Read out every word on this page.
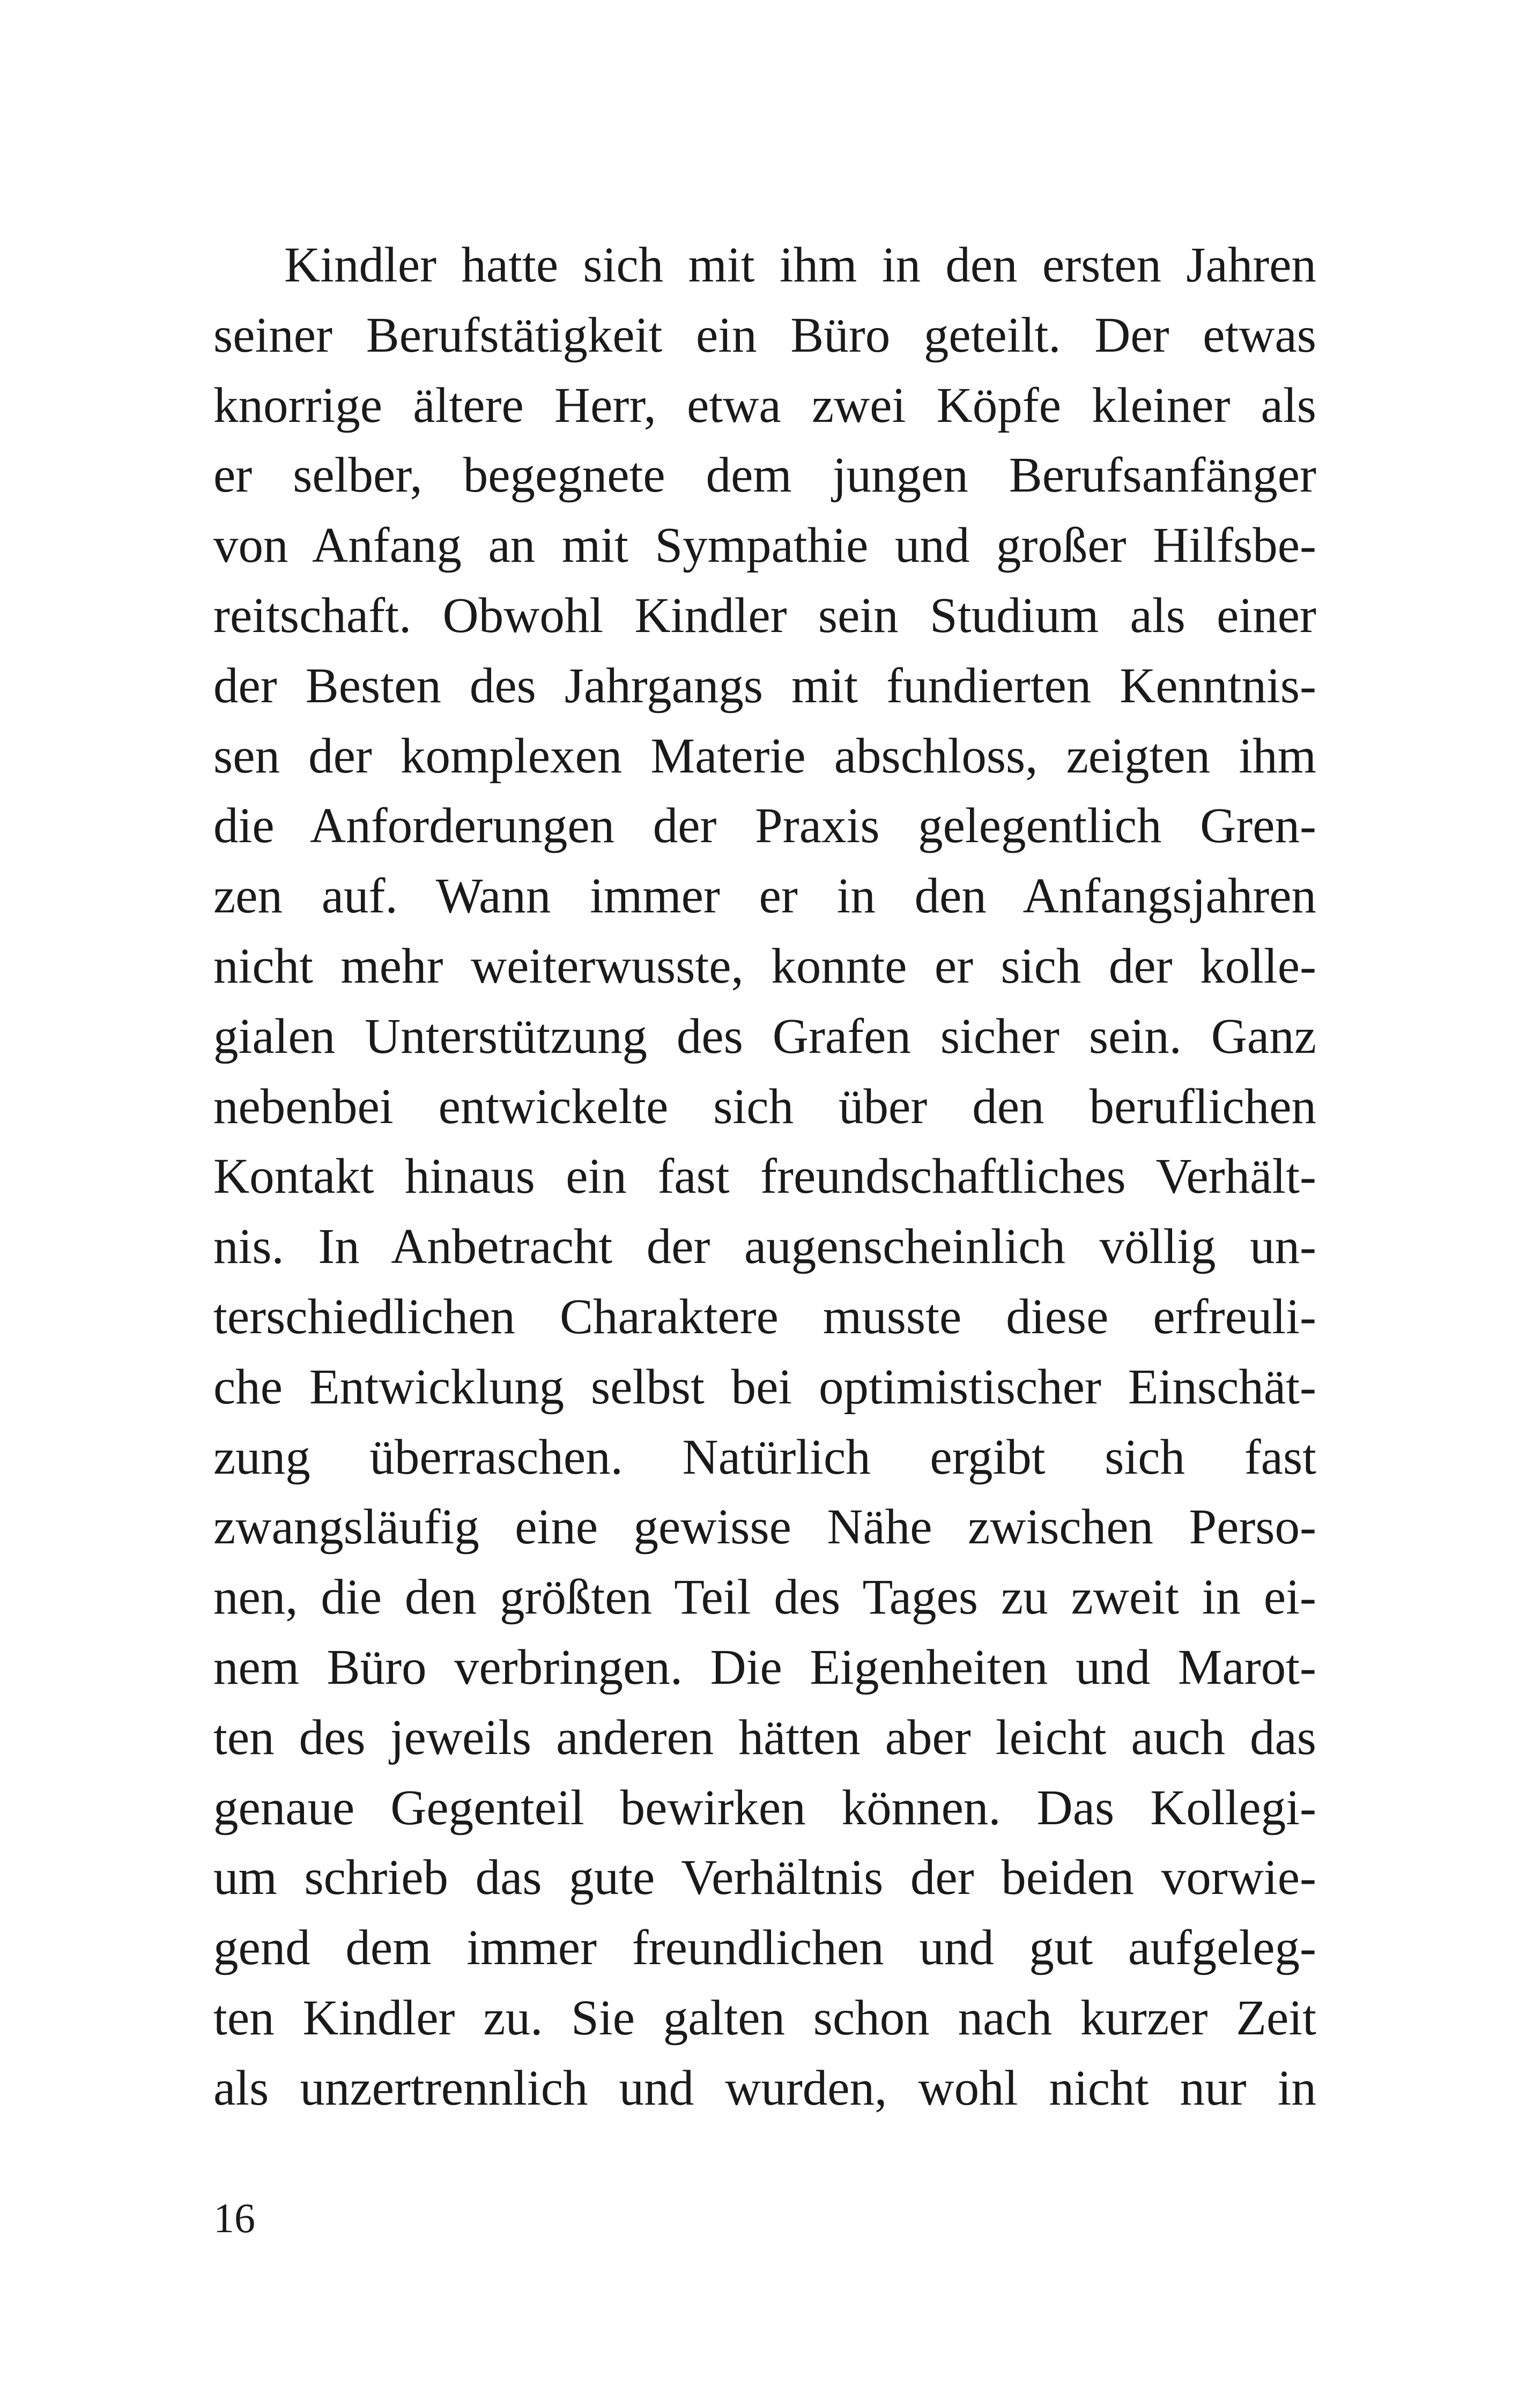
Kindler hatte sich mit ihm in den ersten Jahren
seiner Berufstätigkeit ein Büro geteilt. Der etwas
knorrige ältere Herr, etwa zwei Köpfe kleiner als
er selber, begegnete dem jungen Berufsanfänger
von Anfang an mit Sympathie und großer Hilfsbe-
reitschaft. Obwohl Kindler sein Studium als einer
der Besten des Jahrgangs mit fundierten Kenntnis-
sen der komplexen Materie abschloss, zeigten ihm
die Anforderungen der Praxis gelegentlich Gren-
zen auf. Wann immer er in den Anfangsjahren
nicht mehr weiterwusste, konnte er sich der kolle-
gialen Unterstützung des Grafen sicher sein. Ganz
nebenbei entwickelte sich über den beruflichen
Kontakt hinaus ein fast freundschaftliches Verhält-
nis. In Anbetracht der augenscheinlich völlig un-
terschiedlichen Charaktere musste diese erfreuli-
che Entwicklung selbst bei optimistischer Einschät-
zung überraschen. Natürlich ergibt sich fast
zwangsläufig eine gewisse Nähe zwischen Perso-
nen, die den größten Teil des Tages zu zweit in ei-
nem Büro verbringen. Die Eigenheiten und Marot-
ten des jeweils anderen hätten aber leicht auch das
genaue Gegenteil bewirken können. Das Kollegi-
um schrieb das gute Verhältnis der beiden vorwie-
gend dem immer freundlichen und gut aufgeleg-
ten Kindler zu. Sie galten schon nach kurzer Zeit
als unzertrennlich und wurden, wohl nicht nur in
16
